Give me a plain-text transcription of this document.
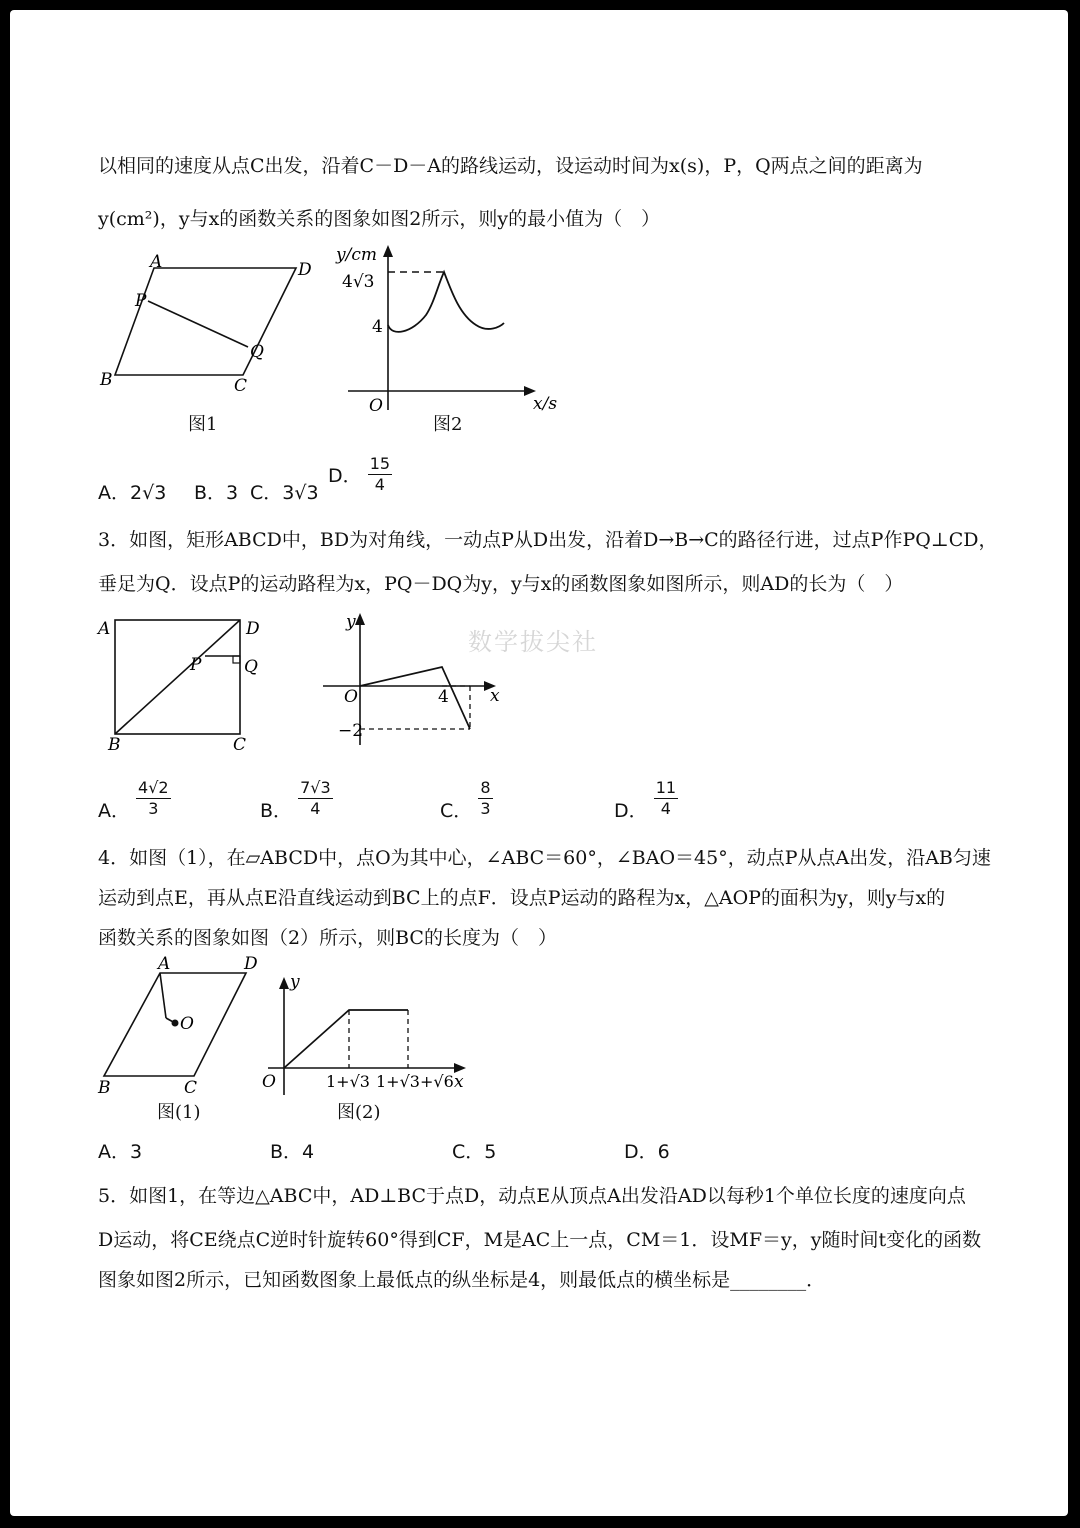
以相同的速度从点C出发，沿着C－D－A的路线运动，设运动时间为x(s)，P，Q两点之间的距离为
y(cm²)，y与x的函数关系的图象如图2所示，则y的最小值为（　）
A	D
B	C
P
Q
图1
y/cm
x/s
O
4√3
4
图2
A．2√3 B．3 C．3√3
D． $\frac{15}{4}$
3．如图，矩形ABCD中，BD为对角线，一动点P从D出发，沿着D→B→C的路径行进，过点P作PQ⊥CD，
垂足为Q．设点P的运动路程为x，PQ－DQ为y，y与x的函数图象如图所示，则AD的长为（　）
A	D
B	C
P	Q
y
x
O	4
−2
数学拔尖社
A． $\frac{4√2}{3}$	B． $\frac{7√3}{4}$	C． $\frac{8}{3}$	D． $\frac{11}{4}$
4．如图（1），在▱ABCD中，点O为其中心，∠ABC＝60°，∠BAO＝45°，动点P从点A出发，沿AB匀速
运动到点E，再从点E沿直线运动到BC上的点F．设点P运动的路程为x，△AOP的面积为y，则y与x的
函数关系的图象如图（2）所示，则BC的长度为（　）
A	D
B	C
O
图(1)
y
x
O	1+√3 1+√3+√6
图(2)
A．3	B．4	C．5	D．6
5．如图1，在等边△ABC中，AD⊥BC于点D，动点E从顶点A出发沿AD以每秒1个单位长度的速度向点
D运动，将CE绕点C逆时针旋转60°得到CF，M是AC上一点，CM＝1．设MF＝y，y随时间t变化的函数
图象如图2所示，已知函数图象上最低点的纵坐标是4，则最低点的横坐标是________．
